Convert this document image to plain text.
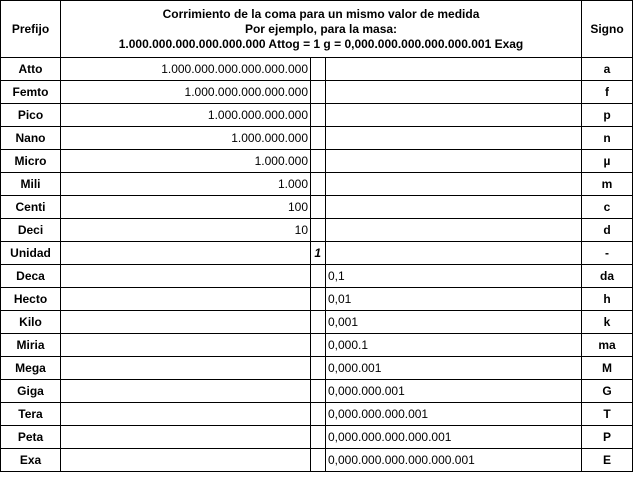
Prefijo	Corrimiento de la coma para un mismo valor de medida
Por ejemplo, para la masa:
1.000.000.000.000.000.000 Attog = 1 g = 0,000.000.000.000.000.001 Exag			Signo
Atto	1.000.000.000.000.000.000			a
Femto	1.000.000.000.000.000			f
Pico	1.000.000.000.000			p
Nano	1.000.000.000			n
Micro	1.000.000			µ
Mili	1.000			m
Centi	100			c
Deci	10			d
Unidad		1		-
Deca			0,1	da
Hecto			0,01	h
Kilo			0,001	k
Miria			0,000.1	ma
Mega			0,000.001	M
Giga			0,000.000.001	G
Tera			0,000.000.000.001	T
Peta			0,000.000.000.000.001	P
Exa			0,000.000.000.000.000.001	E
